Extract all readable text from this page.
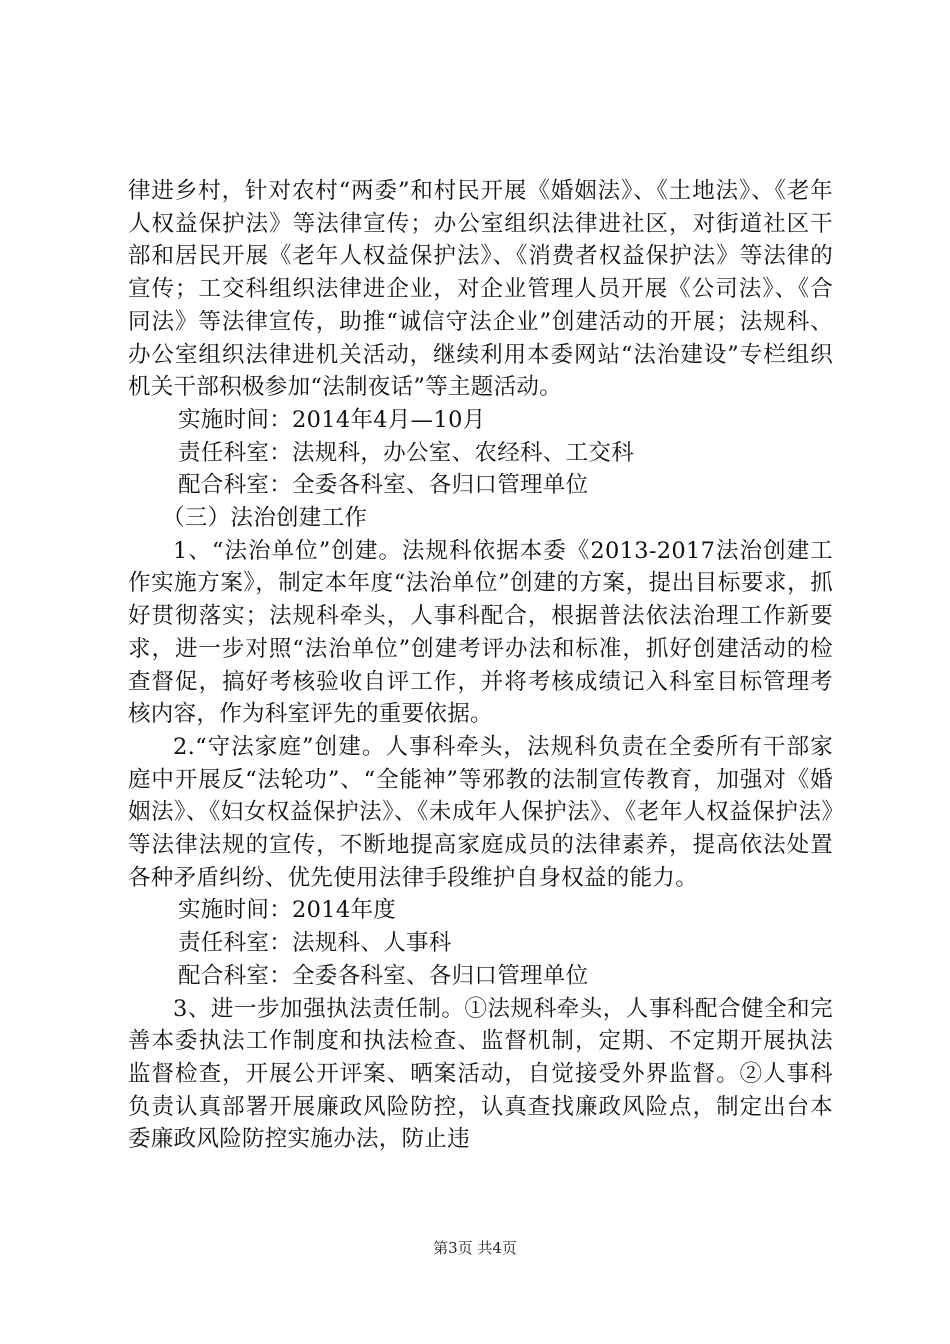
律进乡村，针对农村“两委”和村民开展《婚姻法》、《土地法》、《老年人权益保护法》等法律宣传；办公室组织法律进社区，对街道社区干部和居民开展《老年人权益保护法》、《消费者权益保护法》等法律的宣传；工交科组织法律进企业，对企业管理人员开展《公司法》、《合同法》等法律宣传，助推“诚信守法企业”创建活动的开展；法规科、办公室组织法律进机关活动，继续利用本委网站“法治建设”专栏组织机关干部积极参加“法制夜话”等主题活动。

实施时间：2014年4月—10月

责任科室：法规科，办公室、农经科、工交科

配合科室：全委各科室、各归口管理单位

（三）法治创建工作

1、“法治单位”创建。法规科依据本委《2013-2017法治创建工作实施方案》，制定本年度“法治单位”创建的方案，提出目标要求，抓好贯彻落实；法规科牵头，人事科配合，根据普法依法治理工作新要求，进一步对照“法治单位”创建考评办法和标准，抓好创建活动的检查督促，搞好考核验收自评工作，并将考核成绩记入科室目标管理考核内容，作为科室评先的重要依据。

2.“守法家庭”创建。人事科牵头，法规科负责在全委所有干部家庭中开展反“法轮功”、“全能神”等邪教的法制宣传教育，加强对《婚姻法》、《妇女权益保护法》、《未成年人保护法》、《老年人权益保护法》等法律法规的宣传，不断地提高家庭成员的法律素养，提高依法处置各种矛盾纠纷、优先使用法律手段维护自身权益的能力。

实施时间：2014年度

责任科室：法规科、人事科

配合科室：全委各科室、各归口管理单位

3、进一步加强执法责任制。①法规科牵头，人事科配合健全和完善本委执法工作制度和执法检查、监督机制，定期、不定期开展执法监督检查，开展公开评案、晒案活动，自觉接受外界监督。②人事科负责认真部署开展廉政风险防控，认真查找廉政风险点，制定出台本委廉政风险防控实施办法，防止违

第3页 共4页
